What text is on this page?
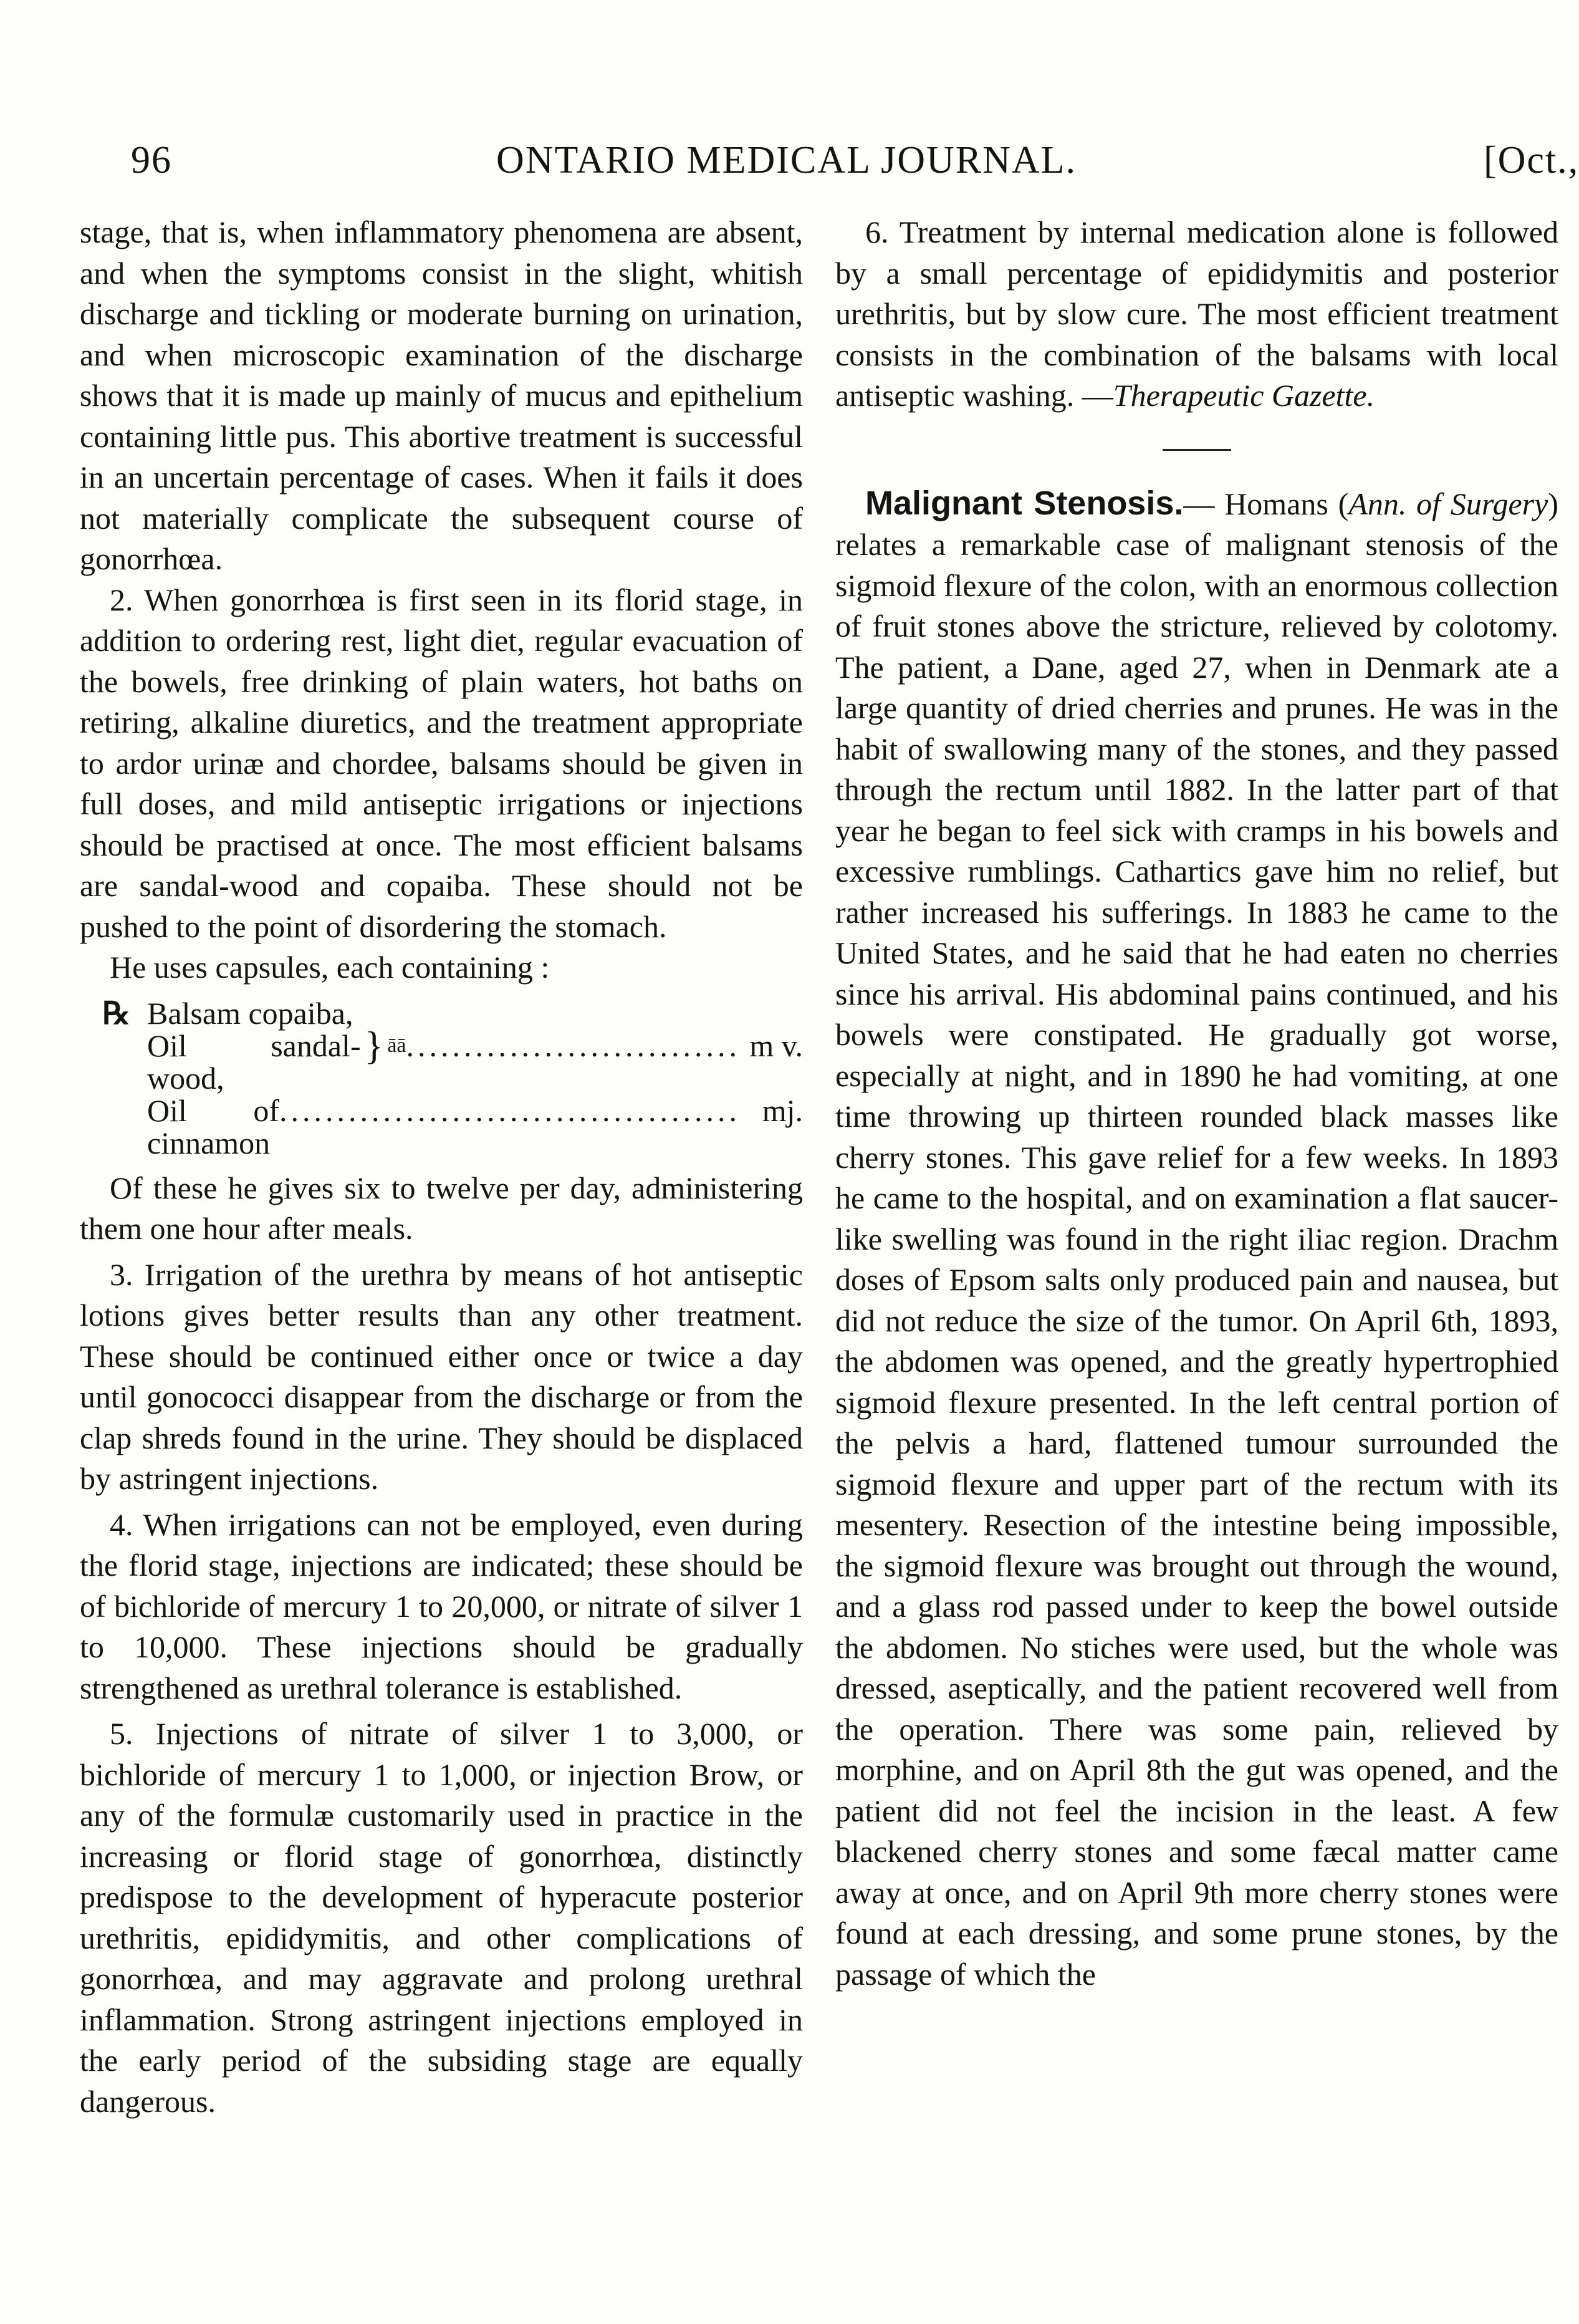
96	ONTARIO MEDICAL JOURNAL.	[Oct.,

stage, that is, when inflammatory phenomena are absent, and when the symptoms consist in the slight, whitish discharge and tickling or moderate burning on urination, and when microscopic examination of the discharge shows that it is made up mainly of mucus and epithelium containing little pus. This abortive treatment is successful in an uncertain percentage of cases. When it fails it does not materially complicate the subsequent course of gonorrhœa.

2. When gonorrhœa is first seen in its florid stage, in addition to ordering rest, light diet, regular evacuation of the bowels, free drinking of plain waters, hot baths on retiring, alkaline diuretics, and the treatment appropriate to ardor urinæ and chordee, balsams should be given in full doses, and mild antiseptic irrigations or injections should be practised at once. The most efficient balsams are sandal-wood and copaiba. These should not be pushed to the point of disordering the stomach.

He uses capsules, each containing :

℞ Balsam copaiba,
Oil sandal-wood,
} āā ............................. m v.
Oil of cinnamon
........................................ mj.

Of these he gives six to twelve per day, administering them one hour after meals.

3. Irrigation of the urethra by means of hot antiseptic lotions gives better results than any other treatment. These should be continued either once or twice a day until gonococci disappear from the discharge or from the clap shreds found in the urine. They should be displaced by astringent injections.

4. When irrigations can not be employed, even during the florid stage, injections are indicated; these should be of bichloride of mercury 1 to 20,000, or nitrate of silver 1 to 10,000. These injections should be gradually strengthened as urethral tolerance is established.

5. Injections of nitrate of silver 1 to 3,000, or bichloride of mercury 1 to 1,000, or injection Brow, or any of the formulæ customarily used in practice in the increasing or florid stage of gonorrhœa, distinctly predispose to the development of hyperacute posterior urethritis, epididymitis, and other complications of gonorrhœa, and may aggravate and prolong urethral inflammation. Strong astringent injections employed in the early period of the subsiding stage are equally dangerous.

6. Treatment by internal medication alone is followed by a small percentage of epididymitis and posterior urethritis, but by slow cure. The most efficient treatment consists in the combination of the balsams with local antiseptic washing. —Therapeutic Gazette.

Malignant Stenosis.— Homans (Ann. of Surgery) relates a remarkable case of malignant stenosis of the sigmoid flexure of the colon, with an enormous collection of fruit stones above the stricture, relieved by colotomy. The patient, a Dane, aged 27, when in Denmark ate a large quantity of dried cherries and prunes. He was in the habit of swallowing many of the stones, and they passed through the rectum until 1882. In the latter part of that year he began to feel sick with cramps in his bowels and excessive rumblings. Cathartics gave him no relief, but rather increased his sufferings. In 1883 he came to the United States, and he said that he had eaten no cherries since his arrival. His abdominal pains continued, and his bowels were constipated. He gradually got worse, especially at night, and in 1890 he had vomiting, at one time throwing up thirteen rounded black masses like cherry stones. This gave relief for a few weeks. In 1893 he came to the hospital, and on examination a flat saucer-like swelling was found in the right iliac region. Drachm doses of Epsom salts only produced pain and nausea, but did not reduce the size of the tumor. On April 6th, 1893, the abdomen was opened, and the greatly hypertrophied sigmoid flexure presented. In the left central portion of the pelvis a hard, flattened tumour surrounded the sigmoid flexure and upper part of the rectum with its mesentery. Resection of the intestine being impossible, the sigmoid flexure was brought out through the wound, and a glass rod passed under to keep the bowel outside the abdomen. No stiches were used, but the whole was dressed, aseptically, and the patient recovered well from the operation. There was some pain, relieved by morphine, and on April 8th the gut was opened, and the patient did not feel the incision in the least. A few blackened cherry stones and some fæcal matter came away at once, and on April 9th more cherry stones were found at each dressing, and some prune stones, by the passage of which the
